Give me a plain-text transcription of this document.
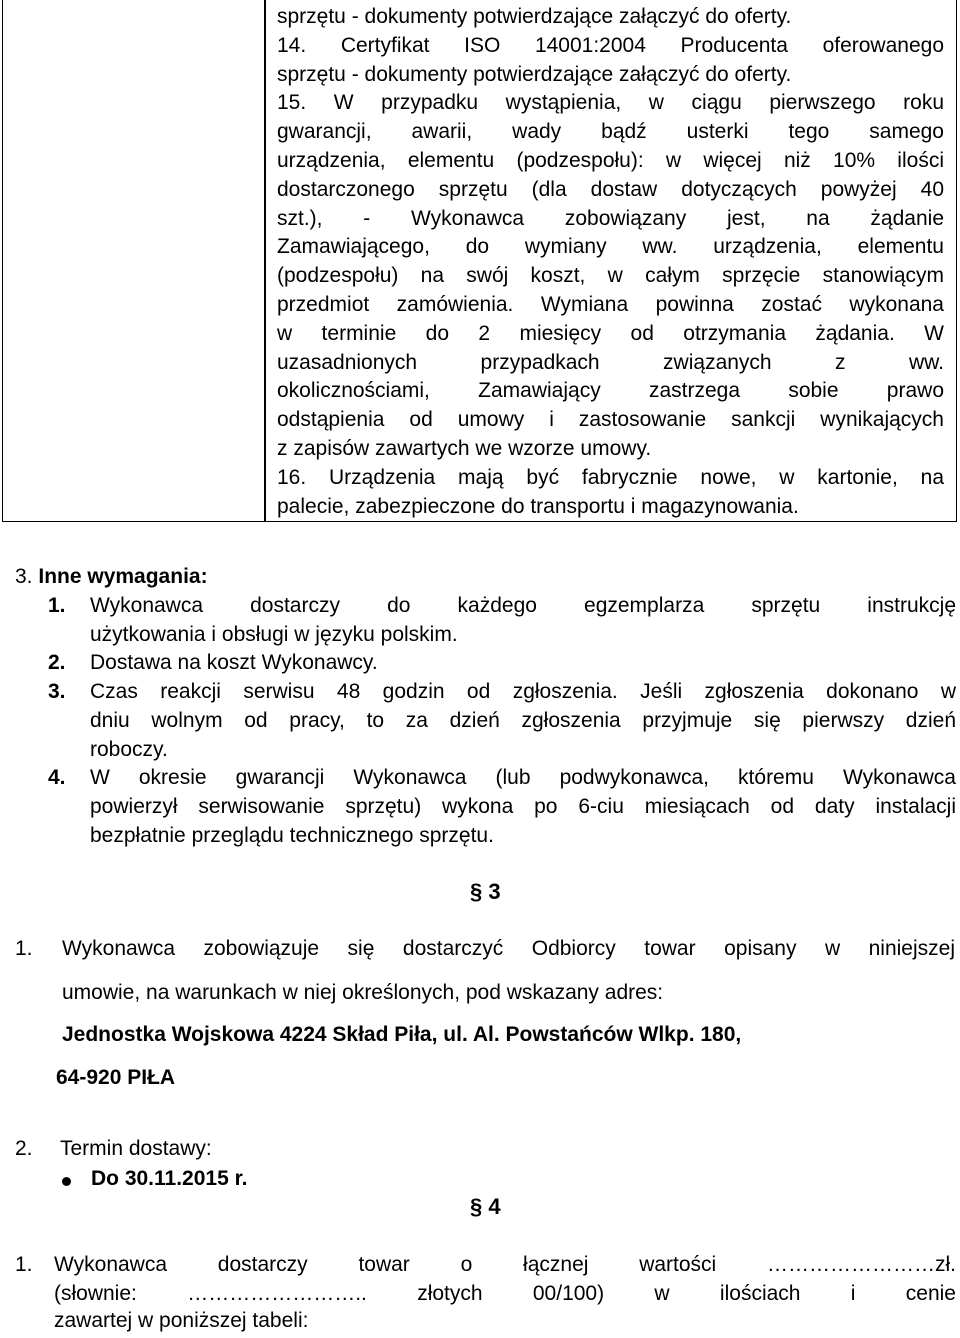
sprzętu - dokumenty potwierdzające załączyć do oferty.

14. Certyfikat ISO 14001:2004 Producenta oferowanego

sprzętu - dokumenty potwierdzające załączyć do oferty.

15. W przypadku wystąpienia, w ciągu pierwszego roku

gwarancji, awarii, wady bądź usterki tego samego

urządzenia, elementu (podzespołu): w więcej niż 10% ilości

dostarczonego sprzętu (dla dostaw dotyczących powyżej 40

szt.), - Wykonawca zobowiązany jest, na żądanie

Zamawiającego, do wymiany ww. urządzenia, elementu

(podzespołu) na swój koszt, w całym sprzęcie stanowiącym

przedmiot zamówienia. Wymiana powinna zostać wykonana

w terminie do 2 miesięcy od otrzymania żądania. W

uzasadnionych przypadkach związanych z ww.

okolicznościami, Zamawiający zastrzega sobie prawo

odstąpienia od umowy i zastosowanie sankcji wynikających

z zapisów zawartych we wzorze umowy.

16. Urządzenia mają być fabrycznie nowe, w kartonie, na

palecie, zabezpieczone do transportu i magazynowania.

3. Inne wymagania:

1. Wykonawca dostarczy do każdego egzemplarza sprzętu instrukcję

użytkowania i obsługi w języku polskim.

2. Dostawa na koszt Wykonawcy.

3. Czas reakcji serwisu 48 godzin od zgłoszenia. Jeśli zgłoszenia dokonano w

dniu wolnym od pracy, to za dzień zgłoszenia przyjmuje się pierwszy dzień

roboczy.

4. W okresie gwarancji Wykonawca (lub podwykonawca, któremu Wykonawca

powierzył serwisowanie sprzętu) wykona po 6-ciu miesiącach od daty instalacji

bezpłatnie przeglądu technicznego sprzętu.

§ 3
1. Wykonawca zobowiązuje się dostarczyć Odbiorcy towar opisany w niniejszej
umowie, na warunkach w niej określonych, pod wskazany adres:
Jednostka Wojskowa 4224 Skład Piła, ul. Al. Powstańców Wlkp. 180,
64-920 PIŁA
2. Termin dostawy:
Do 30.11.2015 r.
§ 4
1. Wykonawca dostarczy towar o łącznej wartości ……………………zł.
(słownie: …………………….. złotych 00/100) w ilościach i cenie
zawartej w poniższej tabeli:
